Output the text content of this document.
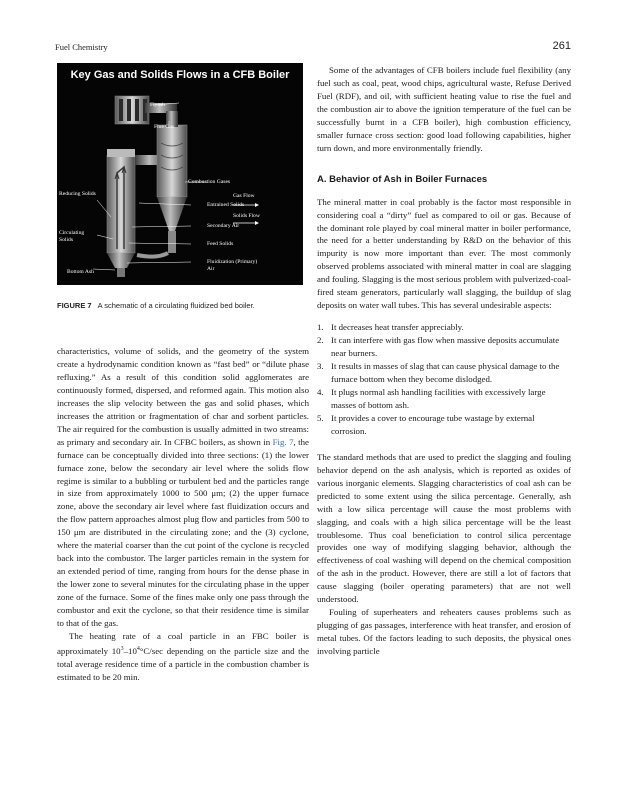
Fuel Chemistry	261
Key Gas and Solids Flows in a CFB Boiler
Flyash
Flue Gas
Gas Flow
Solids Flow
Combustion Gases
Reducing Solids
Entrained Solids
Secondary Air
Circulating
Solids
Feed Solids
Fluidization (Primary)
Air
Bottom Ash
FIGURE 7 A schematic of a circulating fluidized bed boiler.

characteristics, volume of solids, and the geometry of the system create a hydrodynamic condition known as “fast bed” or “dilute phase refluxing.” As a result of this condition solid agglomerates are continuously formed, dispersed, and reformed again. This motion also increases the slip velocity between the gas and solid phases, which increases the attrition or fragmentation of char and sorbent particles. The air required for the combustion is usually admitted in two streams: as primary and secondary air. In CFBC boilers, as shown in Fig. 7, the furnace can be conceptually divided into three sections: (1) the lower furnace zone, below the secondary air level where the solids flow regime is similar to a bubbling or turbulent bed and the particles range in size from approximately 1000 to 500 μm; (2) the upper furnace zone, above the secondary air level where fast fluidization occurs and the flow pattern approaches almost plug flow and particles from 500 to 150 μm are distributed in the circulating zone; and the (3) cyclone, where the material coarser than the cut point of the cyclone is recycled back into the combustor. The larger particles remain in the system for an extended period of time, ranging from hours for the dense phase in the lower zone to several minutes for the circulating phase in the upper zone of the furnace. Some of the fines make only one pass through the combustor and exit the cyclone, so that their residence time is similar to that of the gas.

The heating rate of a coal particle in an FBC boiler is approximately $10^3-10^4^\circ C/\sec$ depending on the particle size and the total average residence time of a particle in the combustion chamber is estimated to be 20 min.

Some of the advantages of CFB boilers include fuel flexibility (any fuel such as coal, peat, wood chips, agricultural waste, Refuse Derived Fuel (RDF), and oil, with sufficient heating value to rise the fuel and the combustion air to above the ignition temperature of the fuel can be successfully burnt in a CFB boiler), high combustion efficiency, smaller furnace cross section: good load following capabilities, higher turn down, and more environmentally friendly.

A. Behavior of Ash in Boiler Furnaces

The mineral matter in coal probably is the factor most responsible in considering coal a “dirty” fuel as compared to oil or gas. Because of the dominant role played by coal mineral matter in boiler performance, the need for a better understanding by R&D on the behavior of this impurity is now more important than ever. The most commonly observed problems associated with mineral matter in coal are slagging and fouling. Slagging is the most serious problem with pulverized-coal-fired steam generators, particularly wall slagging, the buildup of slag deposits on water wall tubes. This has several undesirable aspects:

1. It decreases heat transfer appreciably.
2. It can interfere with gas flow when massive deposits accumulate near burners.
3. It results in masses of slag that can cause physical damage to the furnace bottom when they become dislodged.
4. It plugs normal ash handling facilities with excessively large masses of bottom ash.
5. It provides a cover to encourage tube wastage by external corrosion.

The standard methods that are used to predict the slagging and fouling behavior depend on the ash analysis, which is reported as oxides of various inorganic elements. Slagging characteristics of coal ash can be predicted to some extent using the silica percentage. Generally, ash with a low silica percentage will cause the most problems with slagging, and coals with a high silica percentage will be the least troublesome. Thus coal beneficiation to control silica percentage provides one way of modifying slagging behavior, although the effectiveness of coal washing will depend on the chemical composition of the ash in the product. However, there are still a lot of factors that cause slagging (boiler operating parameters) that are not well understood.

Fouling of superheaters and reheaters causes problems such as plugging of gas passages, interference with heat transfer, and erosion of metal tubes. Of the factors leading to such deposits, the physical ones involving particle
